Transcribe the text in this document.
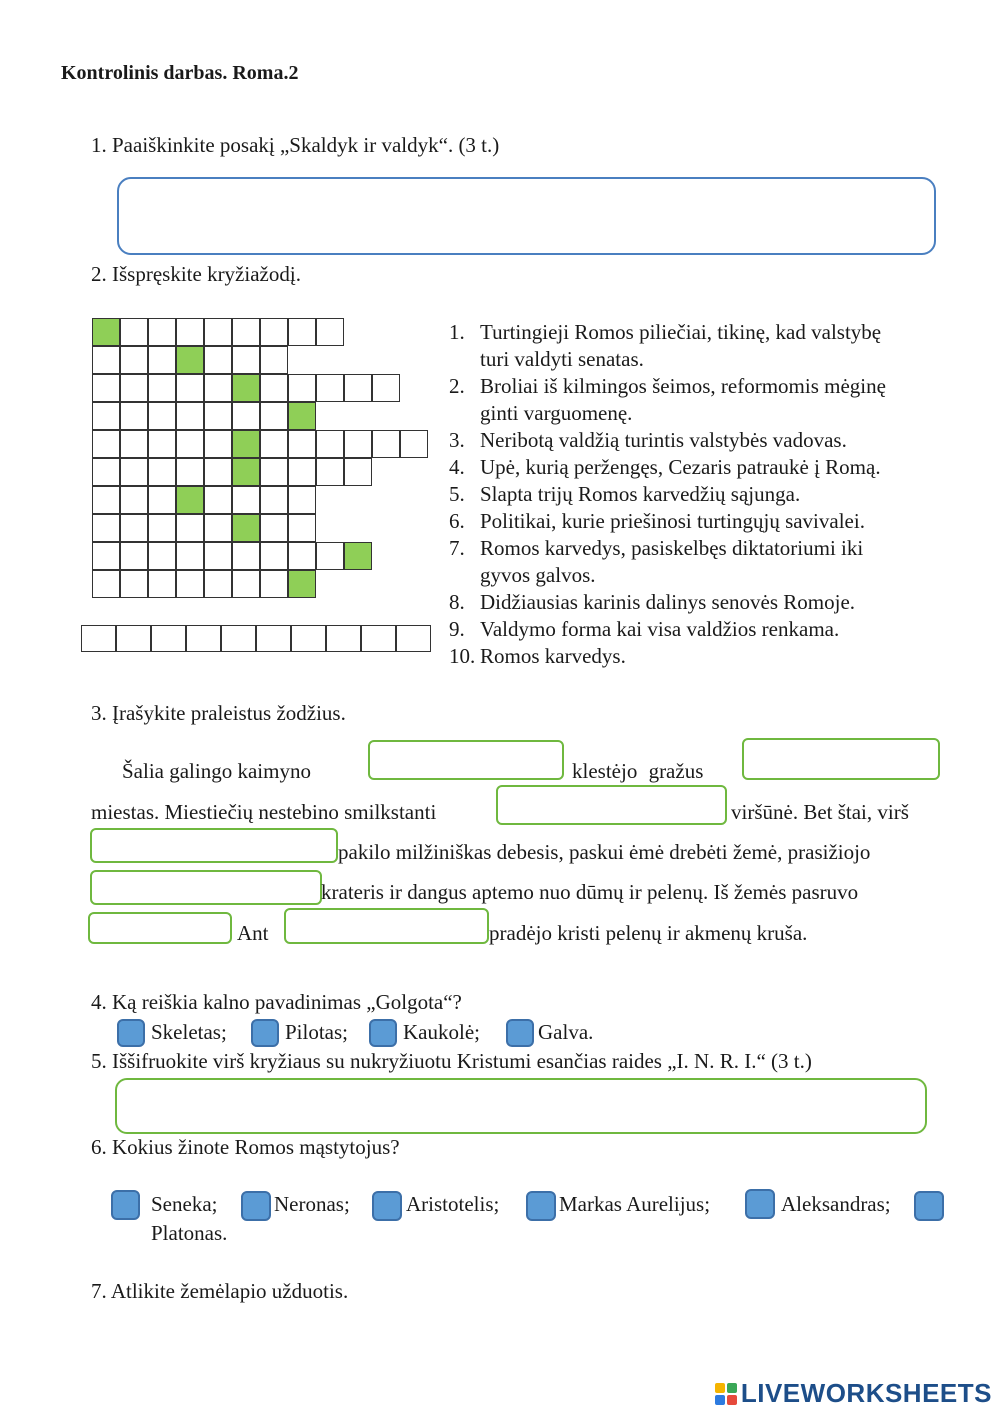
Kontrolinis darbas. Roma.2
1. Paaiškinkite posakį „Skaldyk ir valdyk“. (3 t.)
2. Išspręskite kryžiažodį.
1. Turtingieji Romos piliečiai, tikinę, kad valstybę
turi valdyti senatas.
2. Broliai iš kilmingos šeimos, reformomis mėginę
ginti varguomenę.
3. Neribotą valdžią turintis valstybės vadovas.
4. Upė, kurią peržengęs, Cezaris patraukė į Romą.
5. Slapta trijų Romos karvedžių sąjunga.
6. Politikai, kurie priešinosi turtingųjų savivalei.
7. Romos karvedys, pasiskelbęs diktatoriumi iki
gyvos galvos.
8. Didžiausias karinis dalinys senovės Romoje.
9. Valdymo forma kai visa valdžios renkama.
10. Romos karvedys.
3. Įrašykite praleistus žodžius.
Šalia galingo kaimyno	klestėjo gražus
miestas. Miestiečių nestebino smilkstanti	viršūnė. Bet štai, virš
pakilo milžiniškas debesis, paskui ėmė drebėti žemė, prasižiojo
krateris ir dangus aptemo nuo dūmų ir pelenų. Iš žemės pasruvo
Ant	pradėjo kristi pelenų ir akmenų kruša.
4. Ką reiškia kalno pavadinimas „Golgota“?
Skeletas;	Pilotas;	Kaukolė;	Galva.
5. Iššifruokite virš kryžiaus su nukryžiuotu Kristumi esančias raides „I. N. R. I.“ (3 t.)
6. Kokius žinote Romos mąstytojus?
Seneka;	Neronas;	Aristotelis;	Markas Aurelijus;	Aleksandras;
Platonas.
7. Atlikite žemėlapio užduotis.
LIVEWORKSHEETS
